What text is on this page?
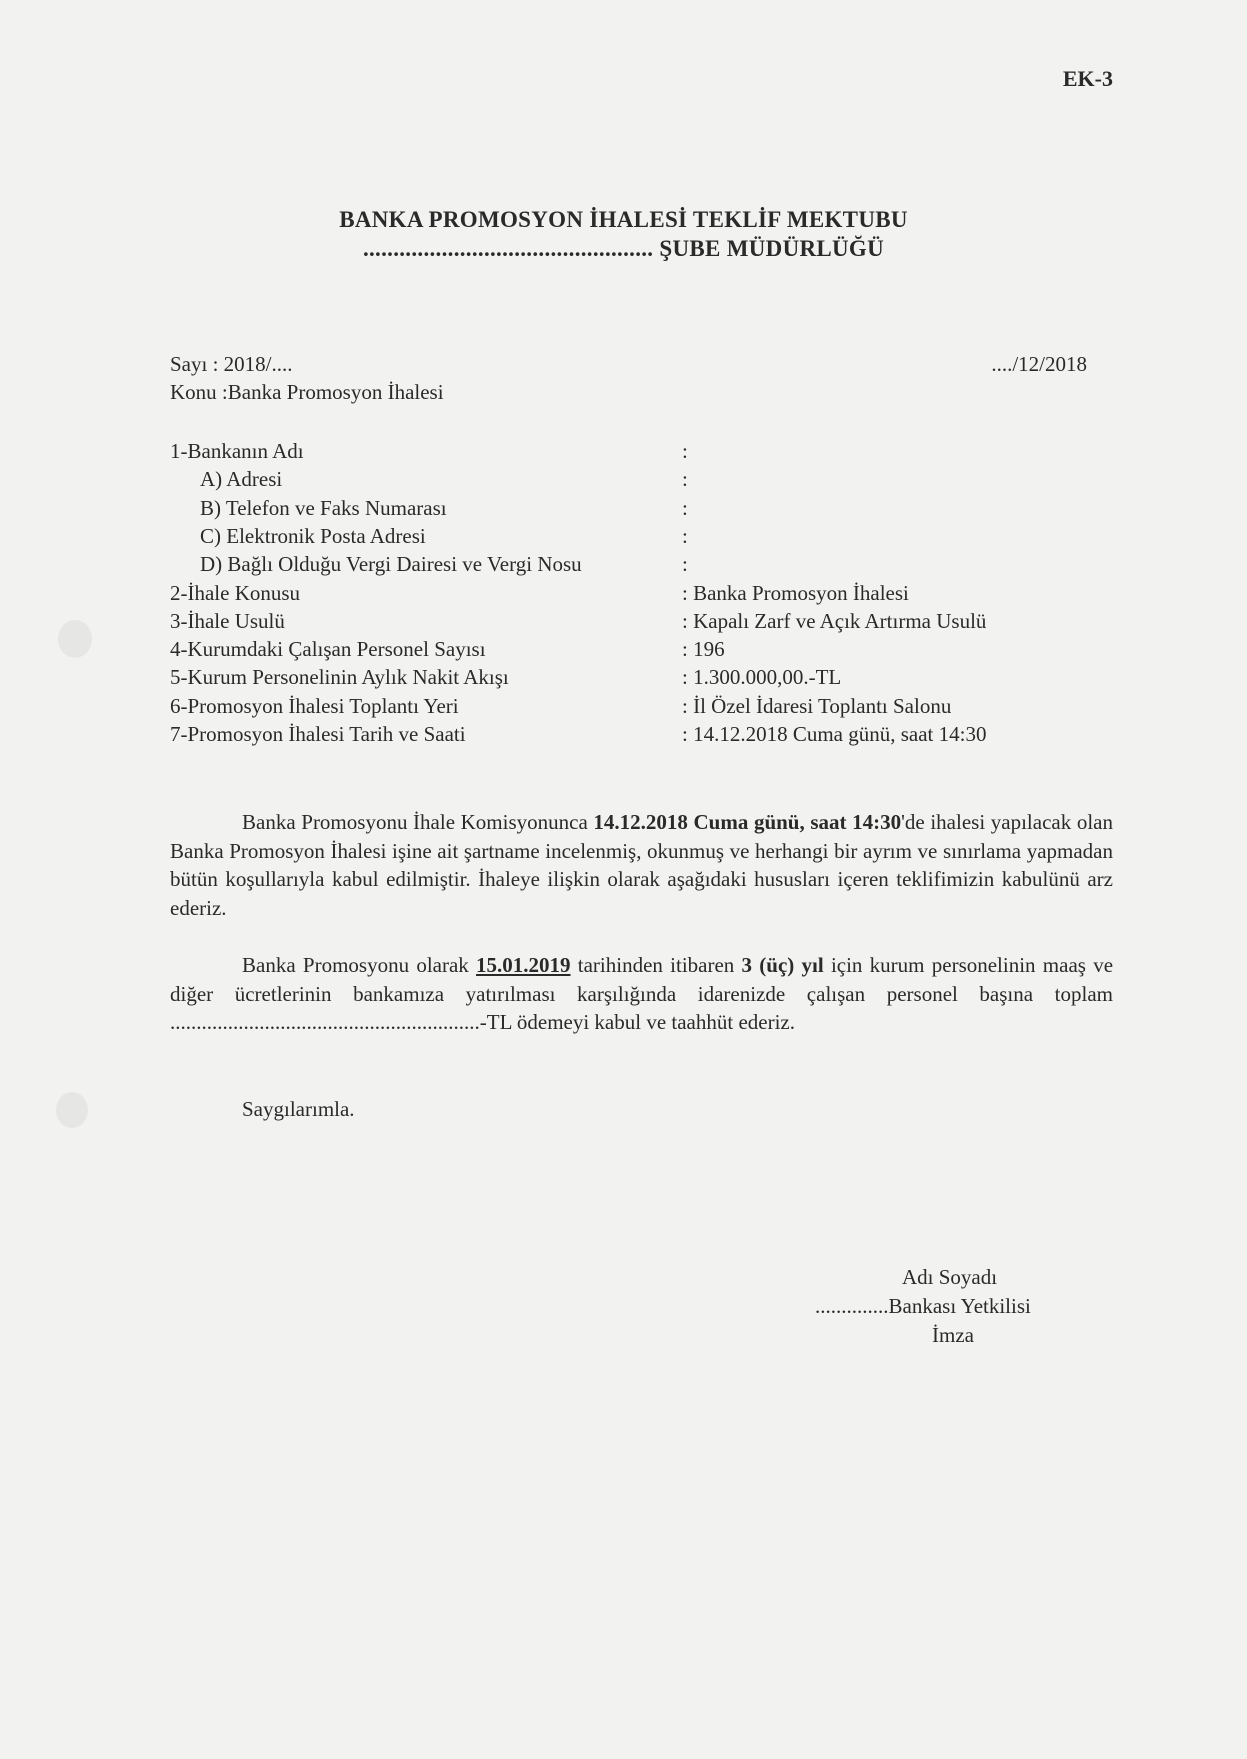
EK-3
BANKA PROMOSYON İHALESİ TEKLİF MEKTUBU
................................................ ŞUBE MÜDÜRLÜĞÜ
Sayı : 2018/....	..../12/2018
Konu :Banka Promosyon İhalesi
1-Bankanın Adı	:
A) Adresi	:
B) Telefon ve Faks Numarası	:
C) Elektronik Posta Adresi	:
D) Bağlı Olduğu Vergi Dairesi ve Vergi Nosu	:
2-İhale Konusu	: Banka Promosyon İhalesi
3-İhale Usulü	: Kapalı Zarf ve Açık Artırma Usulü
4-Kurumdaki Çalışan Personel Sayısı	: 196
5-Kurum Personelinin Aylık Nakit Akışı	: 1.300.000,00.-TL
6-Promosyon İhalesi Toplantı Yeri	: İl Özel İdaresi Toplantı Salonu
7-Promosyon İhalesi Tarih ve Saati	: 14.12.2018 Cuma günü, saat 14:30
Banka Promosyonu İhale Komisyonunca 14.12.2018 Cuma günü, saat 14:30'de ihalesi yapılacak olan Banka Promosyon İhalesi işine ait şartname incelenmiş, okunmuş ve herhangi bir ayrım ve sınırlama yapmadan bütün koşullarıyla kabul edilmiştir. İhaleye ilişkin olarak aşağıdaki hususları içeren teklifimizin kabulünü arz ederiz.
Banka Promosyonu olarak 15.01.2019 tarihinden itibaren 3 (üç) yıl için kurum personelinin maaş ve diğer ücretlerinin bankamıza yatırılması karşılığında idarenizde çalışan personel başına toplam ...........................................................-TL ödemeyi kabul ve taahhüt ederiz.
Saygılarımla.
Adı Soyadı
..............Bankası Yetkilisi
İmza
